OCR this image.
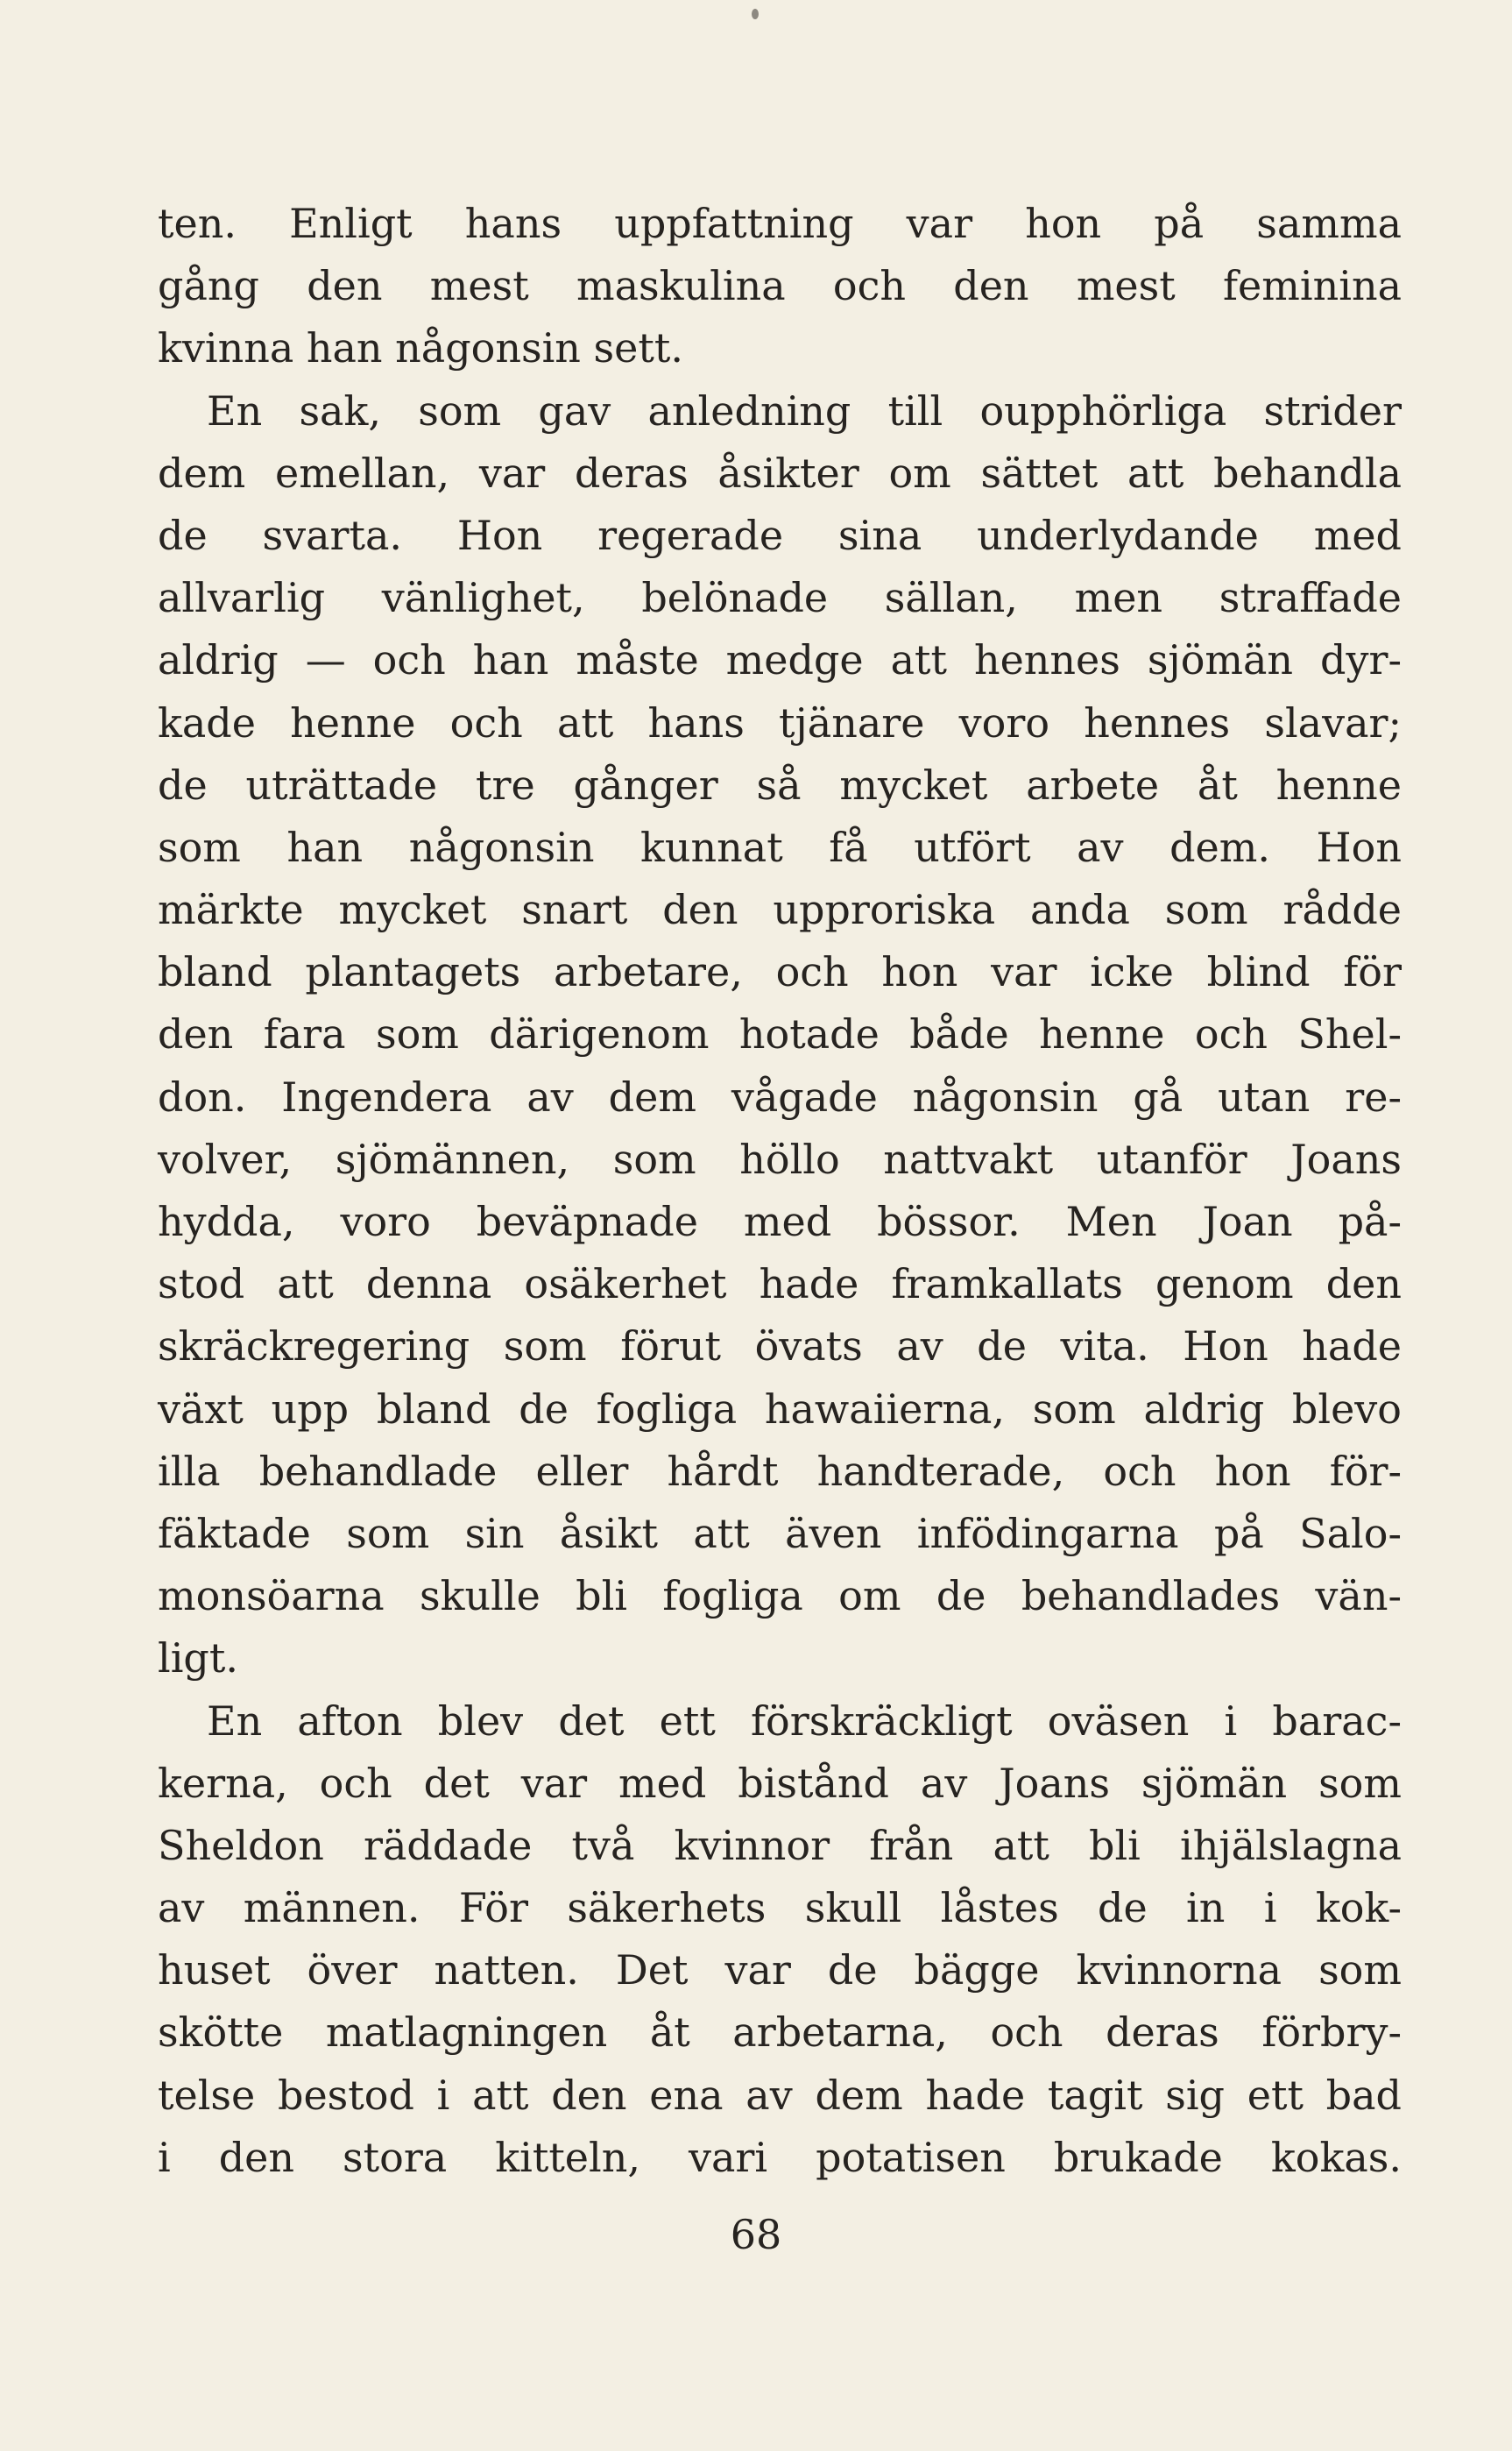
ten. Enligt hans uppfattning var hon på samma
gång den mest maskulina och den mest feminina
kvinna han någonsin sett.
En sak, som gav anledning till oupphörliga strider
dem emellan, var deras åsikter om sättet att behandla
de svarta. Hon regerade sina underlydande med
allvarlig vänlighet, belönade sällan, men straffade
aldrig — och han måste medge att hennes sjömän dyr-
kade henne och att hans tjänare voro hennes slavar;
de uträttade tre gånger så mycket arbete åt henne
som han någonsin kunnat få utfört av dem. Hon
märkte mycket snart den upproriska anda som rådde
bland plantagets arbetare, och hon var icke blind för
den fara som därigenom hotade både henne och Shel-
don. Ingendera av dem vågade någonsin gå utan re-
volver, sjömännen, som höllo nattvakt utanför Joans
hydda, voro beväpnade med bössor. Men Joan på-
stod att denna osäkerhet hade framkallats genom den
skräckregering som förut övats av de vita. Hon hade
växt upp bland de fogliga hawaiierna, som aldrig blevo
illa behandlade eller hårdt handterade, och hon för-
fäktade som sin åsikt att även infödingarna på Salo-
monsöarna skulle bli fogliga om de behandlades vän-
ligt.
En afton blev det ett förskräckligt oväsen i barac-
kerna, och det var med bistånd av Joans sjömän som
Sheldon räddade två kvinnor från att bli ihjälslagna
av männen. För säkerhets skull låstes de in i kok-
huset över natten. Det var de bägge kvinnorna som
skötte matlagningen åt arbetarna, och deras förbry-
telse bestod i att den ena av dem hade tagit sig ett bad
i den stora kitteln, vari potatisen brukade kokas.
68
